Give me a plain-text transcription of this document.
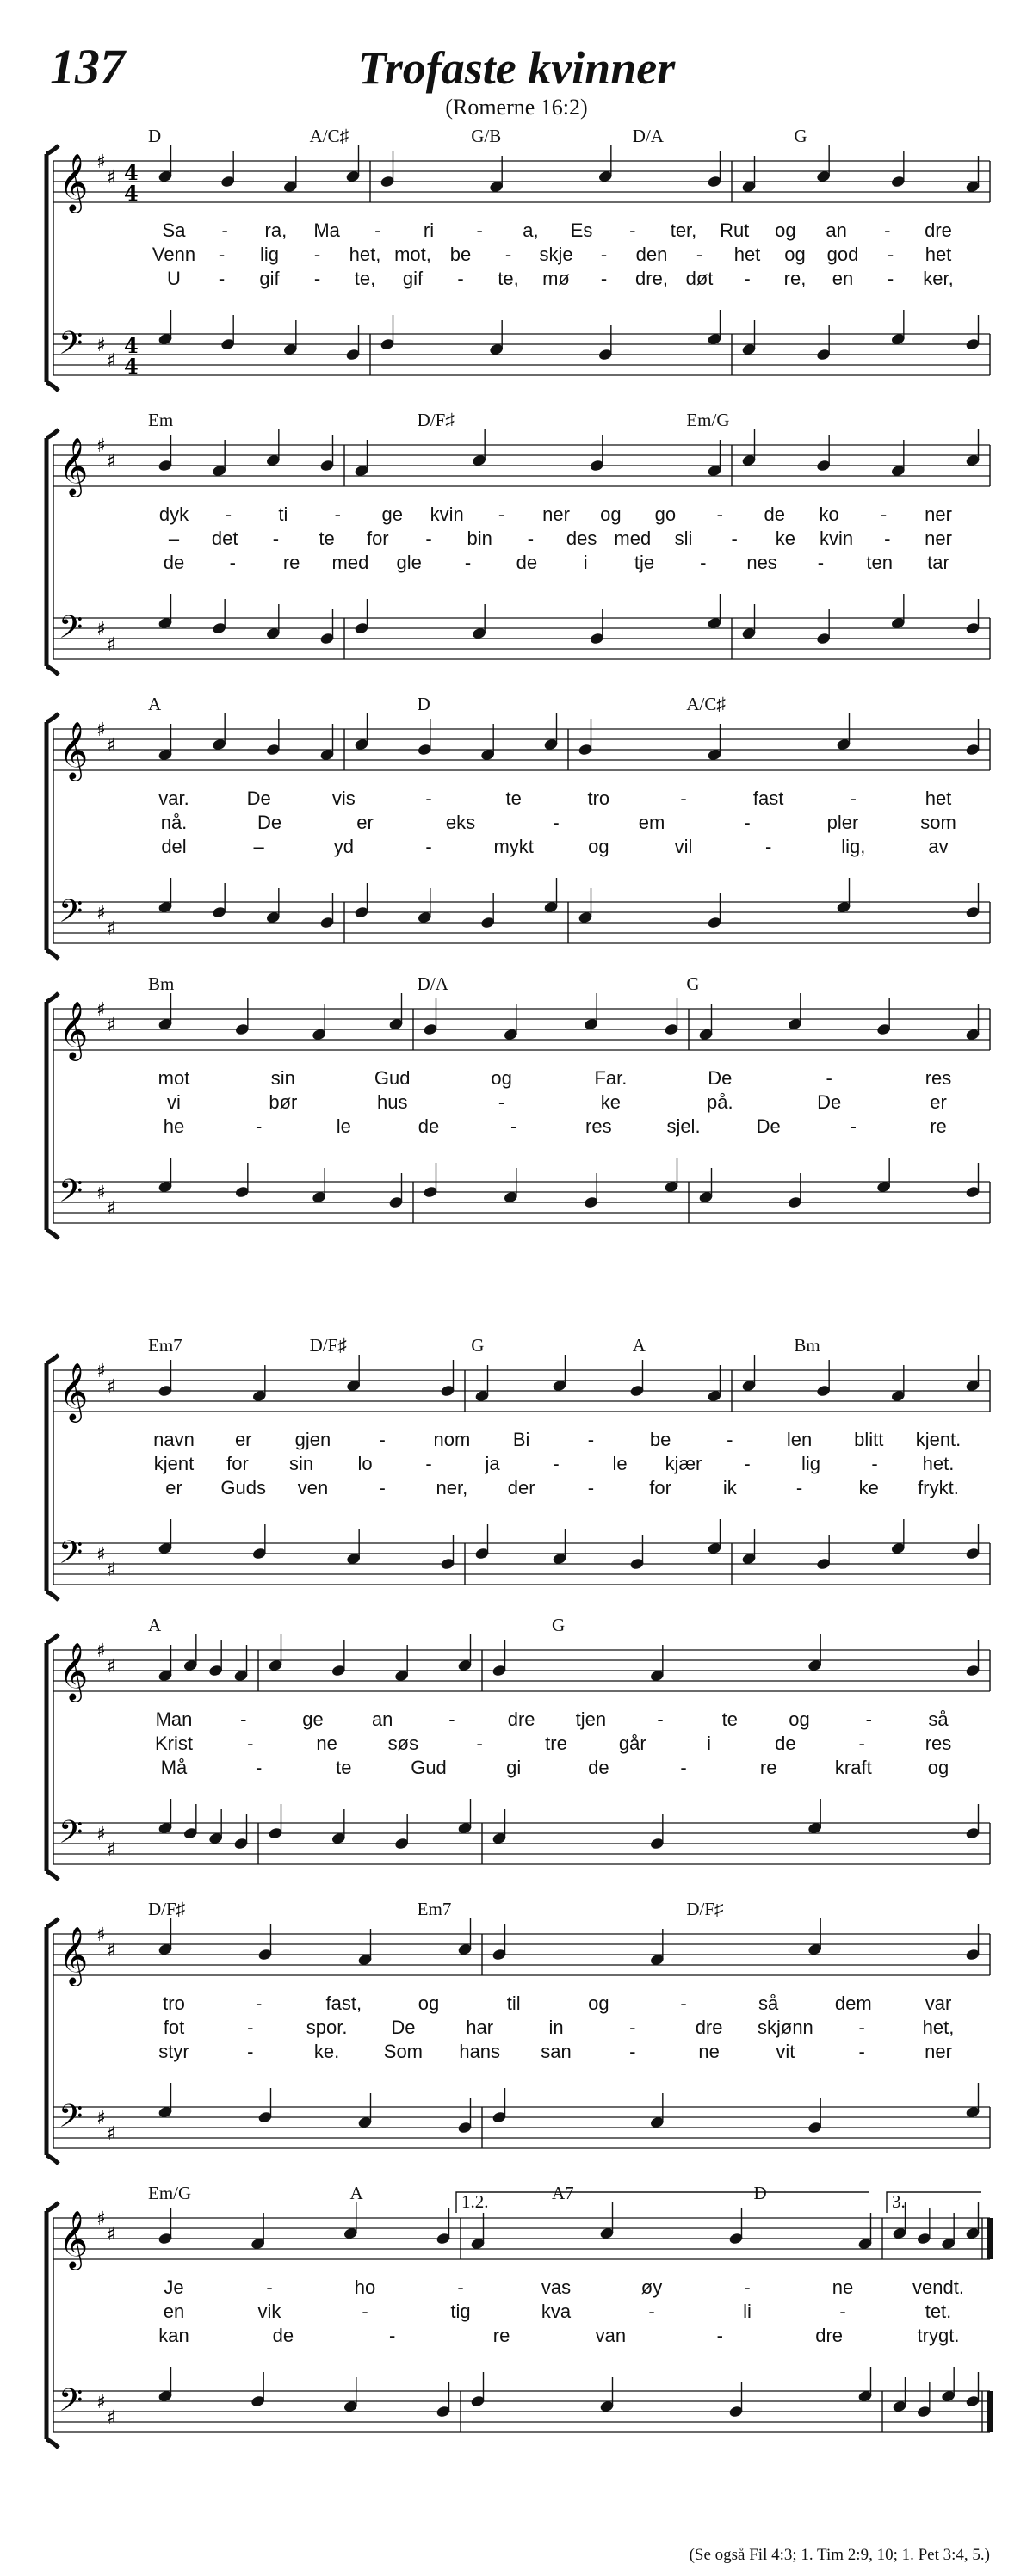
137	Trofaste kvinner
(Romerne 16:2)
𝄞 ♯
♯
𝄢 ♯
♯
4
4
4
4
D	A/C♯	G/B	D/A	G
Sa - ra, Ma - ri - a, Es - ter, Rut og an - dre
Venn - lig - het, mot, be - skje - den - het og god - het
U - gif - te, gif - te, mø - dre, døt - re, en - ker,
𝄞 ♯
♯
𝄢 ♯
♯
Em	D/F♯	Em/G
dyk - ti - ge kvin - ner og go - de ko - ner
– det - te for - bin - des med sli - ke kvin - ner
de - re med gle - de i tje - nes - ten tar
𝄞 ♯
♯
𝄢 ♯
♯
A	D	A/C♯
var.	De	vis	-	te	tro	-	fast	-	het
nå.	De	er	eks	-	em	-	pler	som
del	–	yd	-	mykt	og	vil	-	lig,	av
𝄞 ♯
♯
𝄢 ♯
♯
Bm	D/A	G
mot	sin	Gud	og	Far.	De	-	res
vi	bør	hus	-	ke	på.	De	er
he	-	le	de	-	res	sjel.	De	-	re
𝄞 ♯
♯
𝄢 ♯
♯
Em7	D/F♯	G	A	Bm
navn er gjen	-	nom Bi	-	be	-	len blitt kjent.
kjent for sin lo	-	ja	-	le kjær -	lig	- het.
er Guds ven	-	ner, der	-	for	ik	-	ke frykt.
𝄞 ♯
♯
𝄢 ♯
♯
A	G
Man	-	ge	an	-	dre tjen	-	te	og	-	så
Krist	-	ne	søs	-	tre	går	i	de	-	res
Må	-	te	Gud	gi	de	-	re	kraft	og
𝄞 ♯
♯
𝄢 ♯
♯
D/F♯	Em7	D/F♯
tro	-	fast,	og	til	og	-	så	dem	var
fot	-	spor. De	har	in	-	dre skjønn -	het,
styr	-	ke. Som hans san	-	ne	vit	-	ner
𝄞 ♯
♯
𝄢 ♯
♯
Em/G	A	A7	D
1.2.	3.
Je	-	ho	-	vas	øy	-	ne	vendt.
en	vik	-	tig	kva	-	li	-	tet.
kan	de	-	re	van	-	dre	trygt.
(Se også Fil 4:3; 1. Tim 2:9, 10; 1. Pet 3:4, 5.)
